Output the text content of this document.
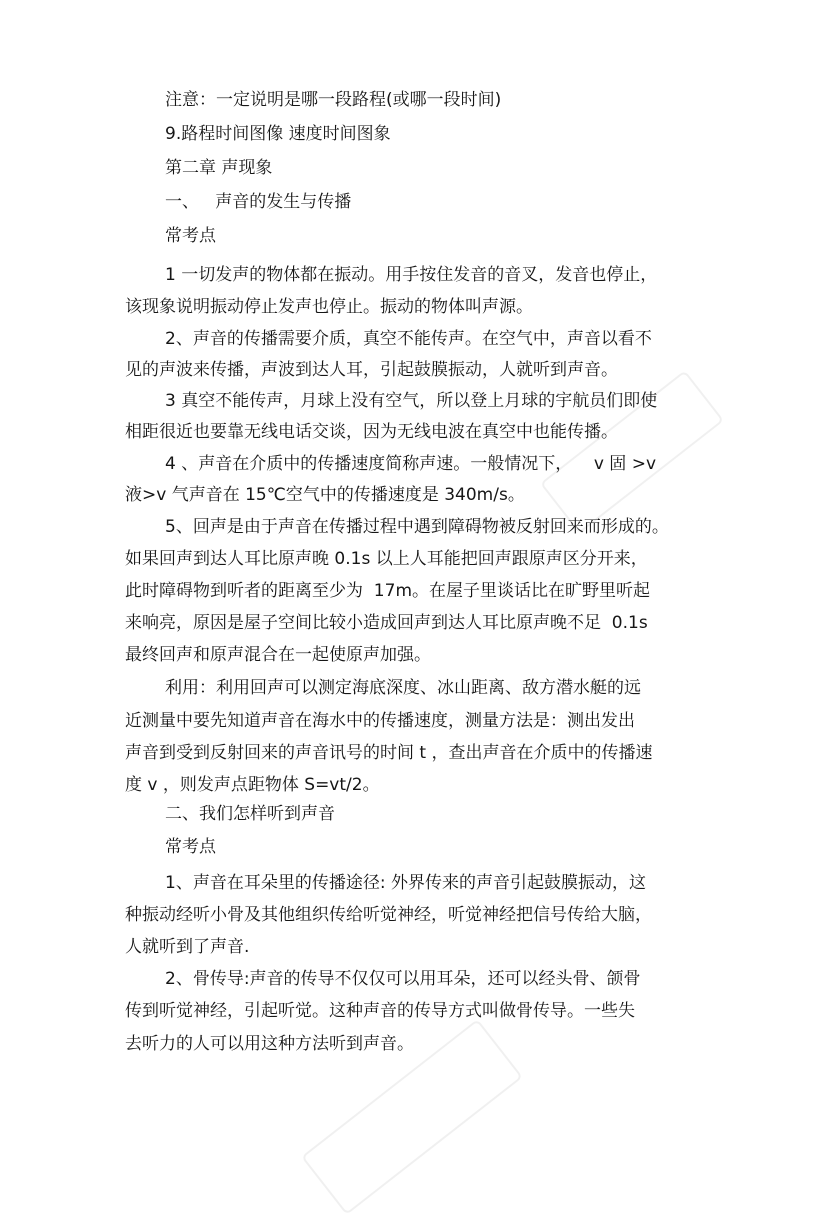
注意：一定说明是哪一段路程(或哪一段时间)
9.路程时间图像 速度时间图象
第二章 声现象
一、   声音的发生与传播
常考点
1 一切发声的物体都在振动。用手按住发音的音叉，发音也停止，
该现象说明振动停止发声也停止。振动的物体叫声源。
2、声音的传播需要介质，真空不能传声。在空气中，声音以看不
见的声波来传播，声波到达人耳，引起鼓膜振动，人就听到声音。
3 真空不能传声，月球上没有空气，所以登上月球的宇航员们即使
相距很近也要靠无线电话交谈，因为无线电波在真空中也能传播。
4 、声音在介质中的传播速度简称声速。一般情况下，    v 固 >v
液>v 气声音在 15℃空气中的传播速度是 340m/s。
5、回声是由于声音在传播过程中遇到障碍物被反射回来而形成的。
如果回声到达人耳比原声晚 0.1s 以上人耳能把回声跟原声区分开来，
此时障碍物到听者的距离至少为  17m。在屋子里谈话比在旷野里听起
来响亮，原因是屋子空间比较小造成回声到达人耳比原声晚不足  0.1s
最终回声和原声混合在一起使原声加强。
利用：利用回声可以测定海底深度、冰山距离、敌方潜水艇的远
近测量中要先知道声音在海水中的传播速度，测量方法是：测出发出
声音到受到反射回来的声音讯号的时间 t ，查出声音在介质中的传播速
度 v ，则发声点距物体 S=vt/2。
二、我们怎样听到声音
常考点
1、声音在耳朵里的传播途径: 外界传来的声音引起鼓膜振动，这
种振动经听小骨及其他组织传给听觉神经，听觉神经把信号传给大脑，
人就听到了声音.
2、骨传导:声音的传导不仅仅可以用耳朵，还可以经头骨、颌骨
传到听觉神经，引起听觉。这种声音的传导方式叫做骨传导。一些失
去听力的人可以用这种方法听到声音。
